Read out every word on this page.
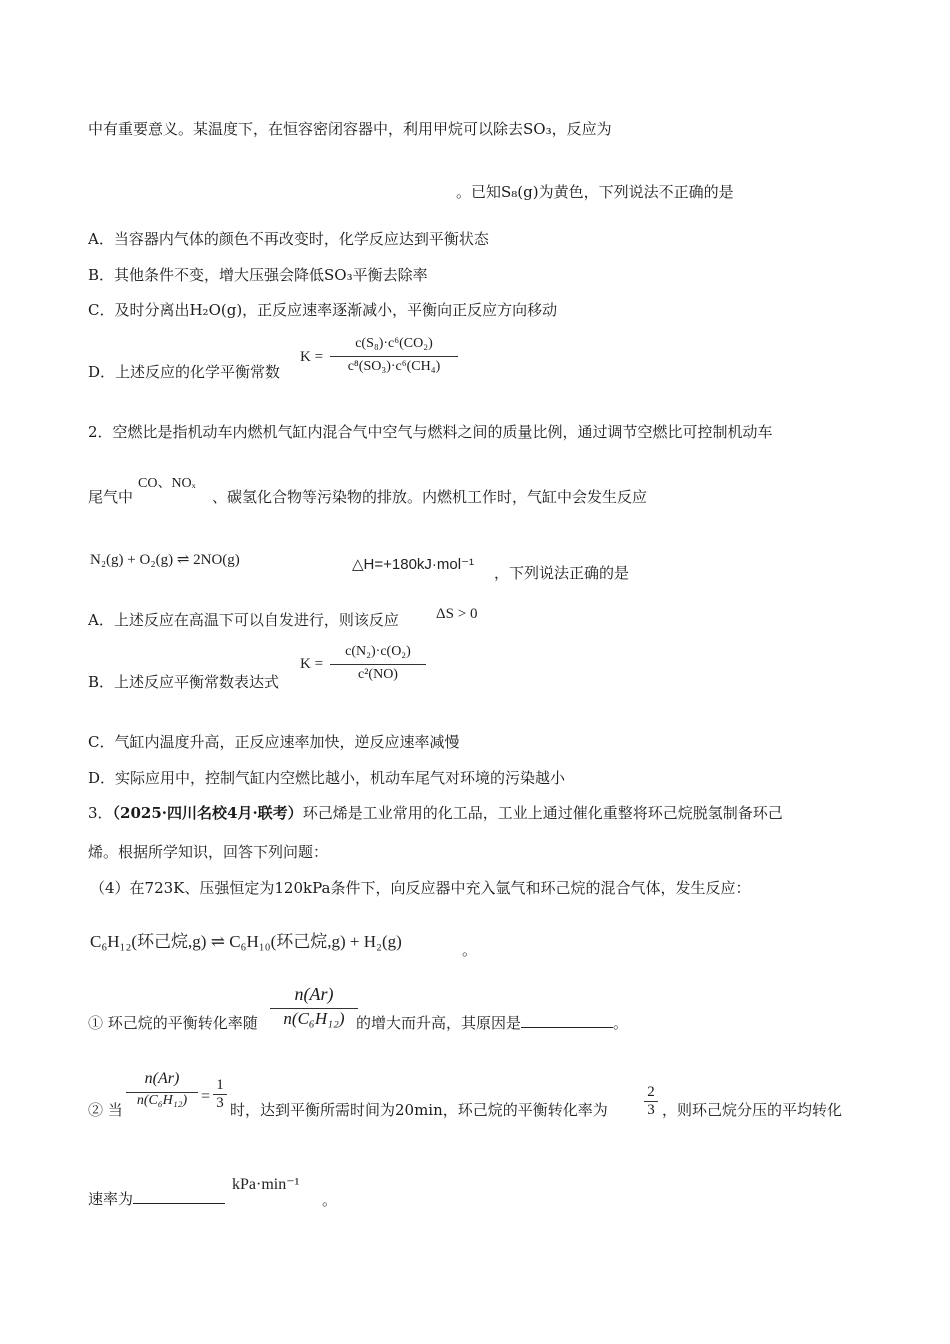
中有重要意义。某温度下，在恒容密闭容器中，利用甲烷可以除去SO₃，反应为
。已知S₈(g)为黄色，下列说法不正确的是
A．当容器内气体的颜色不再改变时，化学反应达到平衡状态
B．其他条件不变，增大压强会降低SO₃平衡去除率
C．及时分离出H₂O(g)，正反应速率逐渐减小，平衡向正反应方向移动
D．上述反应的化学平衡常数
$K = \frac{\text{c(S₈)·c⁶(CO₂)}}{\text{c⁸(SO₃)·c⁶(CH₄)}}$
2．空燃比是指机动车内燃机气缸内混合气中空气与燃料之间的质量比例，通过调节空燃比可控制机动车
尾气中
CO、NOₓ
、碳氢化合物等污染物的排放。内燃机工作时，气缸中会发生反应
N₂(g) + O₂(g) ⇌ 2NO(g)	△H=+180kJ·mol⁻¹ ，下列说法正确的是
A．上述反应在高温下可以自发进行，则该反应 ΔS > 0
B．上述反应平衡常数表达式
$K = \frac{\text{c(N₂)·c(O₂)}}{\text{c²(NO)}}$
C．气缸内温度升高，正反应速率加快，逆反应速率减慢
D．实际应用中，控制气缸内空燃比越小，机动车尾气对环境的污染越小
3．（2025·四川名校4月·联考）环己烯是工业常用的化工品，工业上通过催化重整将环己烷脱氢制备环己
烯。根据所学知识，回答下列问题：
（4）在723K、压强恒定为120kPa条件下，向反应器中充入氩气和环己烷的混合气体，发生反应：
C₆H₁₂(环己烷,g) ⇌ C₆H₁₀(环己烷,g) + H₂(g)	。
① 环己烷的平衡转化率随 $\frac{n(Ar)}{\text{n(C₆H₁₂)}}$
的增大而升高，其原因是	。
② 当
$\frac{n(Ar)}{\text{n(C₆H₁₂)}} = \frac{1}{3}$ 时，达到平衡所需时间为20min，环己烷的平衡转化率为 $\frac{2}{3}$ ，则环己烷分压的平均转化
速率为
kPa·min⁻¹
。
